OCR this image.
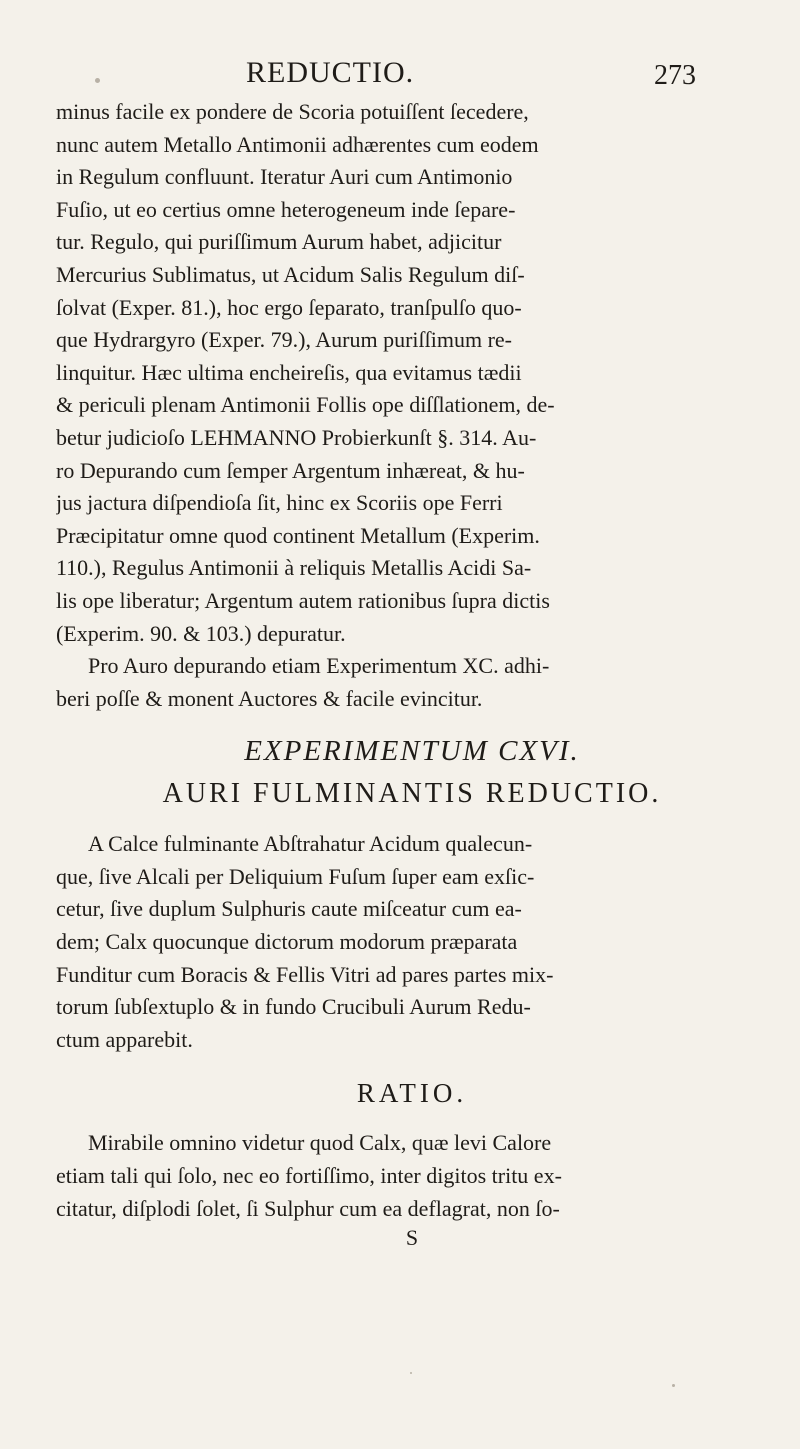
REDUCTIO.	273
minus facile ex pondere de Scoria potuiſſent ſecedere,
nunc autem Metallo Antimonii adhærentes cum eodem
in Regulum confluunt. Iteratur Auri cum Antimonio
Fuſio, ut eo certius omne heterogeneum inde ſepare-
tur. Regulo, qui puriſſimum Aurum habet, adjicitur
Mercurius Sublimatus, ut Acidum Salis Regulum diſ-
ſolvat (Exper. 81.), hoc ergo ſeparato, tranſpulſo quo-
que Hydrargyro (Exper. 79.), Aurum puriſſimum re-
linquitur. Hæc ultima encheireſis, qua evitamus tædii
& periculi plenam Antimonii Follis ope diſſlationem, de-
betur judicioſo LEHMANNO Probierkunſt §. 314. Au-
ro Depurando cum ſemper Argentum inhæreat, & hu-
jus jactura diſpendioſa ſit, hinc ex Scoriis ope Ferri
Præcipitatur omne quod continent Metallum (Experim.
110.), Regulus Antimonii à reliquis Metallis Acidi Sa-
lis ope liberatur; Argentum autem rationibus ſupra dictis
(Experim. 90. & 103.) depuratur.
Pro Auro depurando etiam Experimentum XC. adhi-
beri poſſe & monent Auctores & facile evincitur.
EXPERIMENTUM CXVI.
AURI FULMINANTIS REDUCTIO.
A Calce fulminante Abſtrahatur Acidum qualecun-
que, ſive Alcali per Deliquium Fuſum ſuper eam exſic-
cetur, ſive duplum Sulphuris caute miſceatur cum ea-
dem; Calx quocunque dictorum modorum præparata
Funditur cum Boracis & Fellis Vitri ad pares partes mix-
torum ſubſextuplo & in fundo Crucibuli Aurum Redu-
ctum apparebit.
RATIO.
Mirabile omnino videtur quod Calx, quæ levi Calore
etiam tali qui ſolo, nec eo fortiſſimo, inter digitos tritu ex-
citatur, diſplodi ſolet, ſi Sulphur cum ea deflagrat, non ſo-
S
